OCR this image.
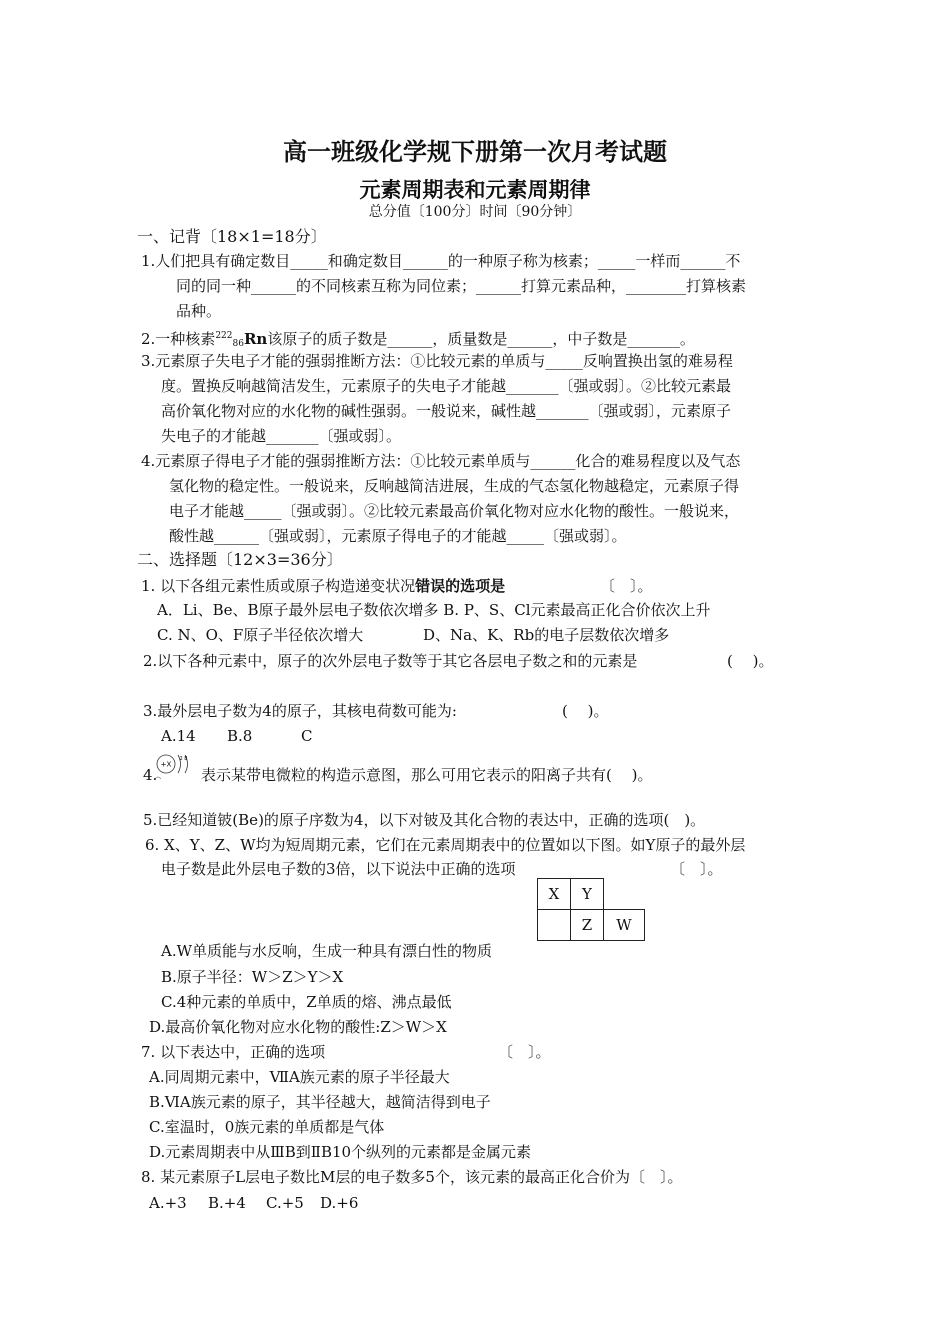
高一班级化学规下册第一次月考试题
元素周期表和元素周期律
总分值〔100分〕时间〔90分钟〕
一、记背〔18×1=18分〕
1.人们把具有确定数目_____和确定数目______的一种原子称为核素；_____一样而______不
同的同一种______的不同核素互称为同位素；______打算元素品种，________打算核素
品种。
2.一种核素$^{222}_{86}$Rn该原子的质子数是______，质量数是______，中子数是_______。
3.元素原子失电子才能的强弱推断方法：①比较元素的单质与_____反响置换出氢的难易程
度。置换反响越简洁发生，元素原子的失电子才能越_______〔强或弱〕。②比较元素最
高价氧化物对应的水化物的碱性强弱。一般说来，碱性越_______〔强或弱〕，元素原子
失电子的才能越_______〔强或弱〕。
4.元素原子得电子才能的强弱推断方法：①比较元素单质与______化合的难易程度以及气态
氢化物的稳定性。一般说来，反响越简洁进展，生成的气态氢化物越稳定，元素原子得
电子才能越_____〔强或弱〕。②比较元素最高价氧化物对应水化物的酸性。一般说来，
酸性越______〔强或弱〕，元素原子得电子的才能越_____〔强或弱〕。
二、选择题〔12×3=36分〕
1. 以下各组元素性质或原子构造递变状况错误的选项是	〔　〕。
A．Li、Be、B原子最外层电子数依次增多 B. P、S、Cl元素最高正化合价依次上升
C. N、O、F原子半径依次增大	D、Na、K、Rb的电子层数依次增多
2.以下各种元素中，原子的次外层电子数等于其它各层电子数之和的元素是	(　 )。
3.最外层电子数为4的原子，其核电荷数可能为:	(　 )。
A.14 B.8	C
4.
+X
2 8
表示某带电微粒的构造示意图，那么可用它表示的阳离子共有(　 )。
5.已经知道铍(Be)的原子序数为4，以下对铍及其化合物的表达中，正确的选项(　)。
6. X、Y、Z、W均为短周期元素，它们在元素周期表中的位置如以下图。如Y原子的最外层
电子数是此外层电子数的3倍，以下说法中正确的选项	〔　〕。
X	Y	
	Z	W
A.W单质能与水反响，生成一种具有漂白性的物质
B.原子半径：W＞Z＞Y＞X
C.4种元素的单质中，Z单质的熔、沸点最低
D.最高价氧化物对应水化物的酸性:Z＞W＞X
7. 以下表达中，正确的选项	〔　〕。
A.同周期元素中，ⅦA族元素的原子半径最大
B.ⅥA族元素的原子，其半径越大，越简洁得到电子
C.室温时，0族元素的单质都是气体
D.元素周期表中从ⅢB到ⅡB10个纵列的元素都是金属元素
8. 某元素原子L层电子数比M层的电子数多5个，该元素的最高正化合价为〔　〕。
A.+3 B.+4 C.+5 D.+6
